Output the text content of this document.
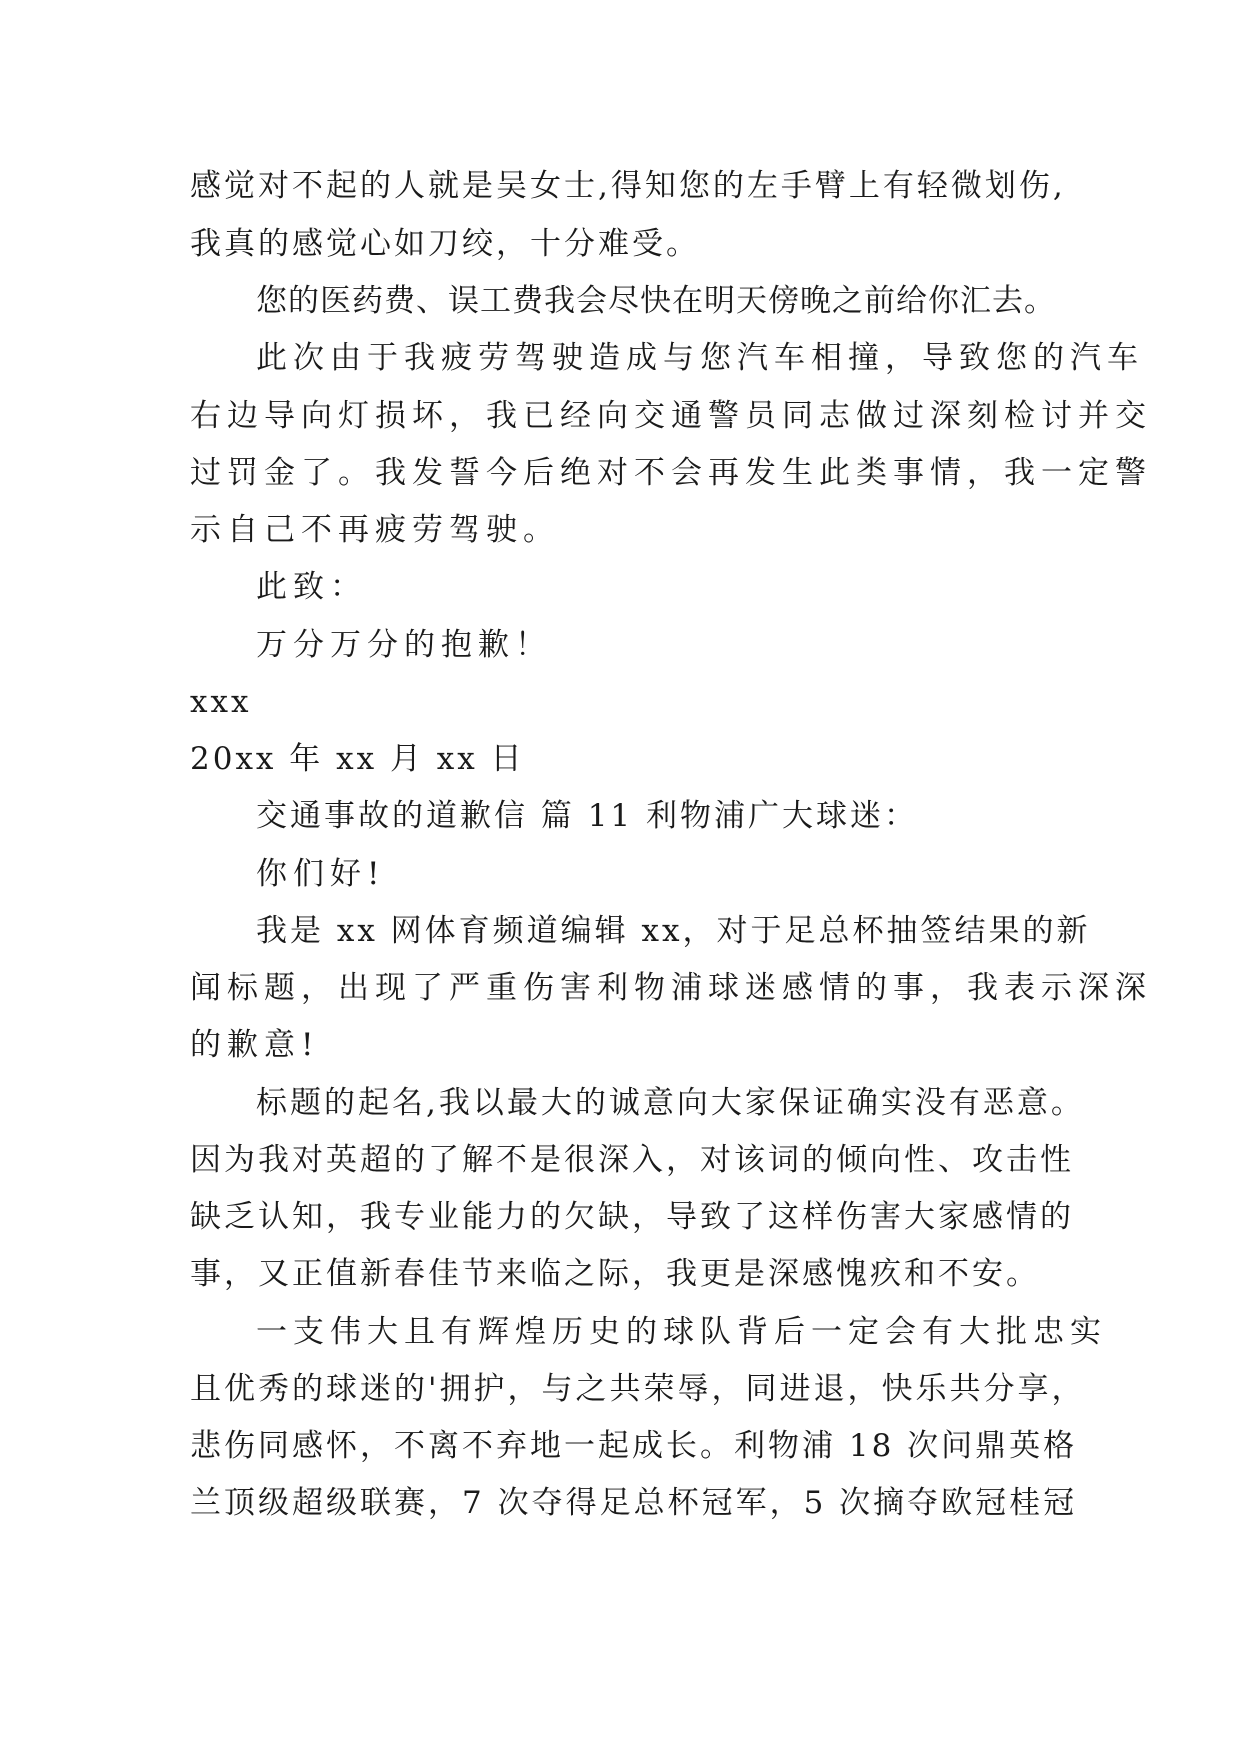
感觉对不起的人就是吴女士,得知您的左手臂上有轻微划伤,

我真的感觉心如刀绞，十分难受。

您的医药费、误工费我会尽快在明天傍晚之前给你汇去。

此次由于我疲劳驾驶造成与您汽车相撞，导致您的汽车

右边导向灯损坏，我已经向交通警员同志做过深刻检讨并交

过罚金了。我发誓今后绝对不会再发生此类事情，我一定警

示自己不再疲劳驾驶。

此致：

万分万分的抱歉！

xxx

20xx 年 xx 月 xx 日

交通事故的道歉信 篇 11 利物浦广大球迷：

你们好!

我是 xx 网体育频道编辑 xx，对于足总杯抽签结果的新

闻标题，出现了严重伤害利物浦球迷感情的事，我表示深深

的歉意!

标题的起名,我以最大的诚意向大家保证确实没有恶意。

因为我对英超的了解不是很深入，对该词的倾向性、攻击性

缺乏认知，我专业能力的欠缺，导致了这样伤害大家感情的

事，又正值新春佳节来临之际，我更是深感愧疚和不安。

一支伟大且有辉煌历史的球队背后一定会有大批忠实

且优秀的球迷的'拥护，与之共荣辱，同进退，快乐共分享，

悲伤同感怀，不离不弃地一起成长。利物浦 18 次问鼎英格

兰顶级超级联赛，7 次夺得足总杯冠军，5 次摘夺欧冠桂冠
